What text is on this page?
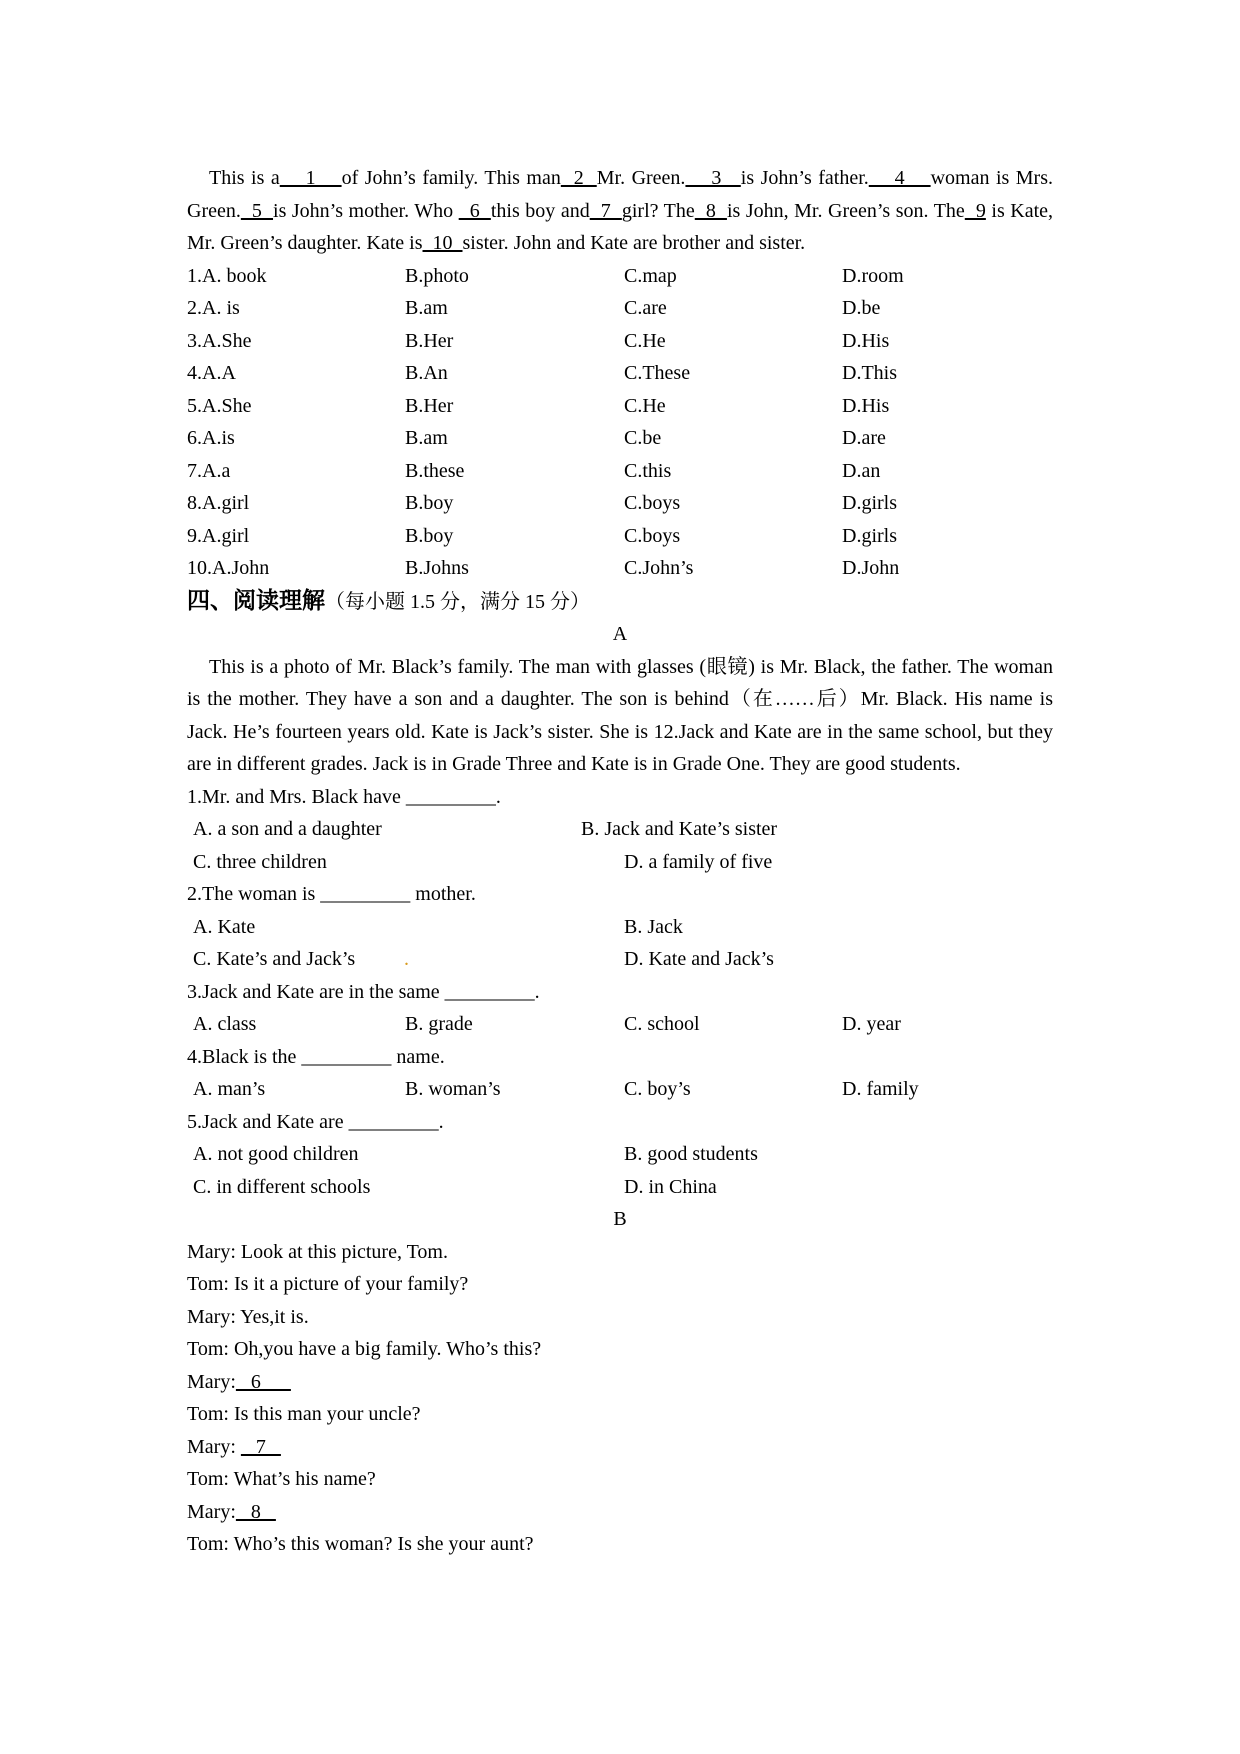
This is a    1    of John’s family. This man  2  Mr. Green.    3   is John’s father.    4    woman is Mrs. Green.  5  is John’s mother. Who   6  this boy and  7  girl? The  8  is John, Mr. Green’s son. The  9 is Kate, Mr. Green’s daughter. Kate is  10  sister. John and Kate are brother and sister.

1.A. book	B.photo	C.map	D.room
2.A. is	B.am	C.are	D.be
3.A.She	B.Her	C.He	D.His
4.A.A	B.An	C.These	D.This
5.A.She	B.Her	C.He	D.His
6.A.is	B.am	C.be	D.are
7.A.a	B.these	C.this	D.an
8.A.girl	B.boy	C.boys	D.girls
9.A.girl	B.boy	C.boys	D.girls
10.A.John	B.Johns	C.John’s	D.John

四、阅读理解（每小题 1.5 分，满分 15 分）

A

This is a photo of Mr. Black’s family. The man with glasses (眼镜) is Mr. Black, the father. The woman is the mother. They have a son and a daughter. The son is behind（在……后）Mr. Black. His name is Jack. He’s fourteen years old. Kate is Jack’s sister. She is 12.Jack and Kate are in the same school, but they are in different grades. Jack is in Grade Three and Kate is in Grade One. They are good students.

1.Mr. and Mrs. Black have _________.
A. a son and a daughter	B. Jack and Kate’s sister
C. three children	D. a family of five
2.The woman is _________ mother.
A. Kate	B. Jack
C. Kate’s and Jack’s .	D. Kate and Jack’s
3.Jack and Kate are in the same _________.
A. class	B. grade	C. school	D. year
4.Black is the _________ name.
A. man’s	B. woman’s	C. boy’s	D. family
5.Jack and Kate are _________.
A. not good children	B. good students
C. in different schools	D. in China
B
Mary: Look at this picture, Tom.
Tom: Is it a picture of your family?
Mary: Yes,it is.
Tom: Oh,you have a big family. Who’s this?
Mary:   6
Tom: Is this man your uncle?
Mary:    7
Tom: What’s his name?
Mary:   8
Tom: Who’s this woman? Is she your aunt?
